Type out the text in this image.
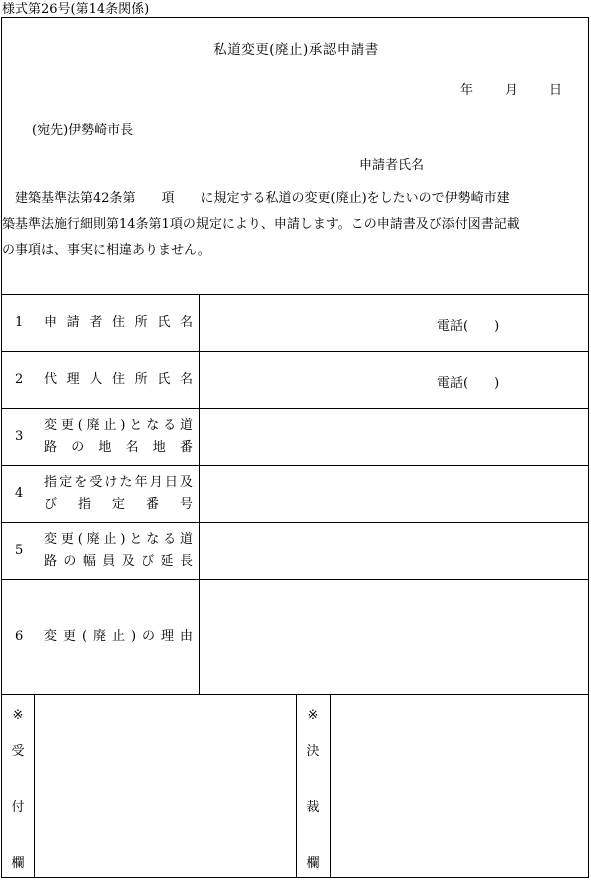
様式第26号(第14条関係)
私道変更(廃止)承認申請書
年 月 日
(宛先)伊勢崎市長
申請者氏名
　建築基準法第42条第　　項　　に規定する私道の変更(廃止)をしたいので伊勢崎市建
築基準法施行細則第14条第1項の規定により、申請します。この申請書及び添付図書記載
の事項は、事実に相違ありません。
1 申請者住所氏名	電話(　　)
2 代理人住所氏名	電話(　　)
3
変更(廃止)となる道
路の地名地番
4
指定を受けた年月日及
び指定番号
5
変更(廃止)となる道
路の幅員及び延長
6 変更(廃止)の理由
※
受
付
欄
※
決
裁
欄
